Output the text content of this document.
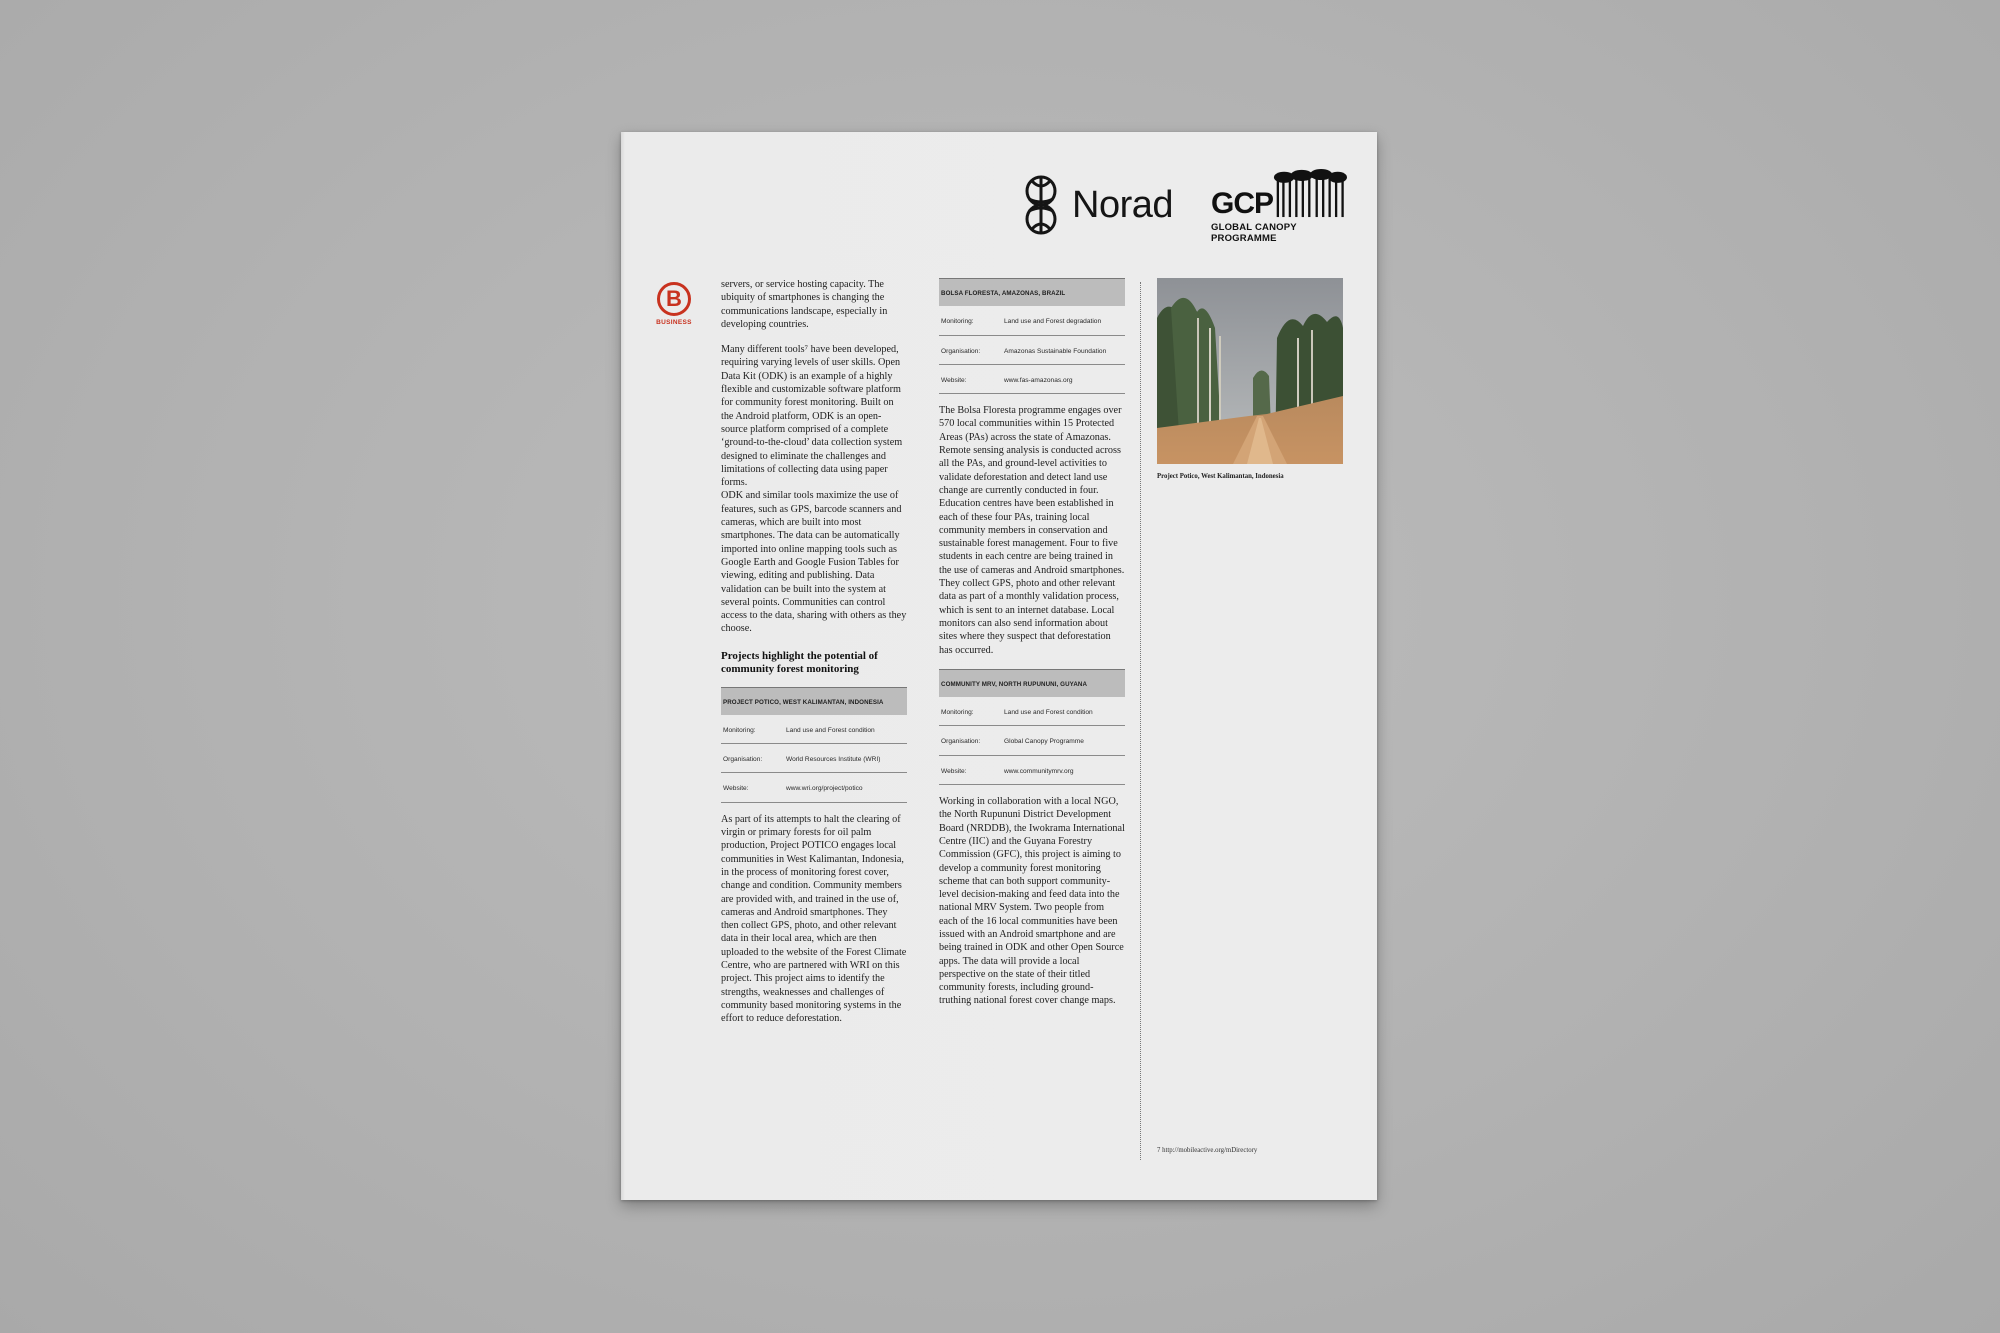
Norad GCP
GLOBAL CANOPY PROGRAMME
B
BUSINESS

servers, or service hosting capacity. The ubiquity of smartphones is changing the communications landscape, especially in developing countries.

Many different tools⁷ have been developed, requiring varying levels of user skills. Open Data Kit (ODK) is an example of a highly flexible and customizable software platform for community forest monitoring. Built on the Android platform, ODK is an open-source platform comprised of a complete ‘ground-to-the-cloud’ data collection system designed to eliminate the challenges and limitations of collecting data using paper forms.

ODK and similar tools maximize the use of features, such as GPS, barcode scanners and cameras, which are built into most smartphones. The data can be automatically imported into online mapping tools such as Google Earth and Google Fusion Tables for viewing, editing and publishing. Data validation can be built into the system at several points. Communities can control access to the data, sharing with others as they choose.

Projects highlight the potential of community forest monitoring
PROJECT POTICO, WEST KALIMANTAN, INDONESIA
Monitoring:	Land use and Forest condition
Organisation:	World Resources Institute (WRI)
Website:	www.wri.org/project/potico

As part of its attempts to halt the clearing of virgin or primary forests for oil palm production, Project POTICO engages local communities in West Kalimantan, Indonesia, in the process of monitoring forest cover, change and condition. Community members are provided with, and trained in the use of, cameras and Android smartphones. They then collect GPS, photo, and other relevant data in their local area, which are then uploaded to the website of the Forest Climate Centre, who are partnered with WRI on this project. This project aims to identify the strengths, weaknesses and challenges of community based monitoring systems in the effort to reduce deforestation.

BOLSA FLORESTA, AMAZONAS, BRAZIL
Monitoring:	Land use and Forest degradation
Organisation:	Amazonas Sustainable Foundation
Website:	www.fas-amazonas.org

The Bolsa Floresta programme engages over 570 local communities within 15 Protected Areas (PAs) across the state of Amazonas. Remote sensing analysis is conducted across all the PAs, and ground-level activities to validate deforestation and detect land use change are currently conducted in four. Education centres have been established in each of these four PAs, training local community members in conservation and sustainable forest management. Four to five students in each centre are being trained in the use of cameras and Android smartphones. They collect GPS, photo and other relevant data as part of a monthly validation process, which is sent to an internet database. Local monitors can also send information about sites where they suspect that deforestation has occurred.

COMMUNITY MRV, NORTH RUPUNUNI, GUYANA
Monitoring:	Land use and Forest condition
Organisation:	Global Canopy Programme
Website:	www.communitymrv.org

Working in collaboration with a local NGO, the North Rupununi District Development Board (NRDDB), the Iwokrama International Centre (IIC) and the Guyana Forestry Commission (GFC), this project is aiming to develop a community forest monitoring scheme that can both support community-level decision-making and feed data into the national MRV System. Two people from each of the 16 local communities have been issued with an Android smartphone and are being trained in ODK and other Open Source apps. The data will provide a local perspective on the state of their titled community forests, including ground-truthing national forest cover change maps.

Project Potico, West Kalimantan, Indonesia
7 http://mobileactive.org/mDirectory
